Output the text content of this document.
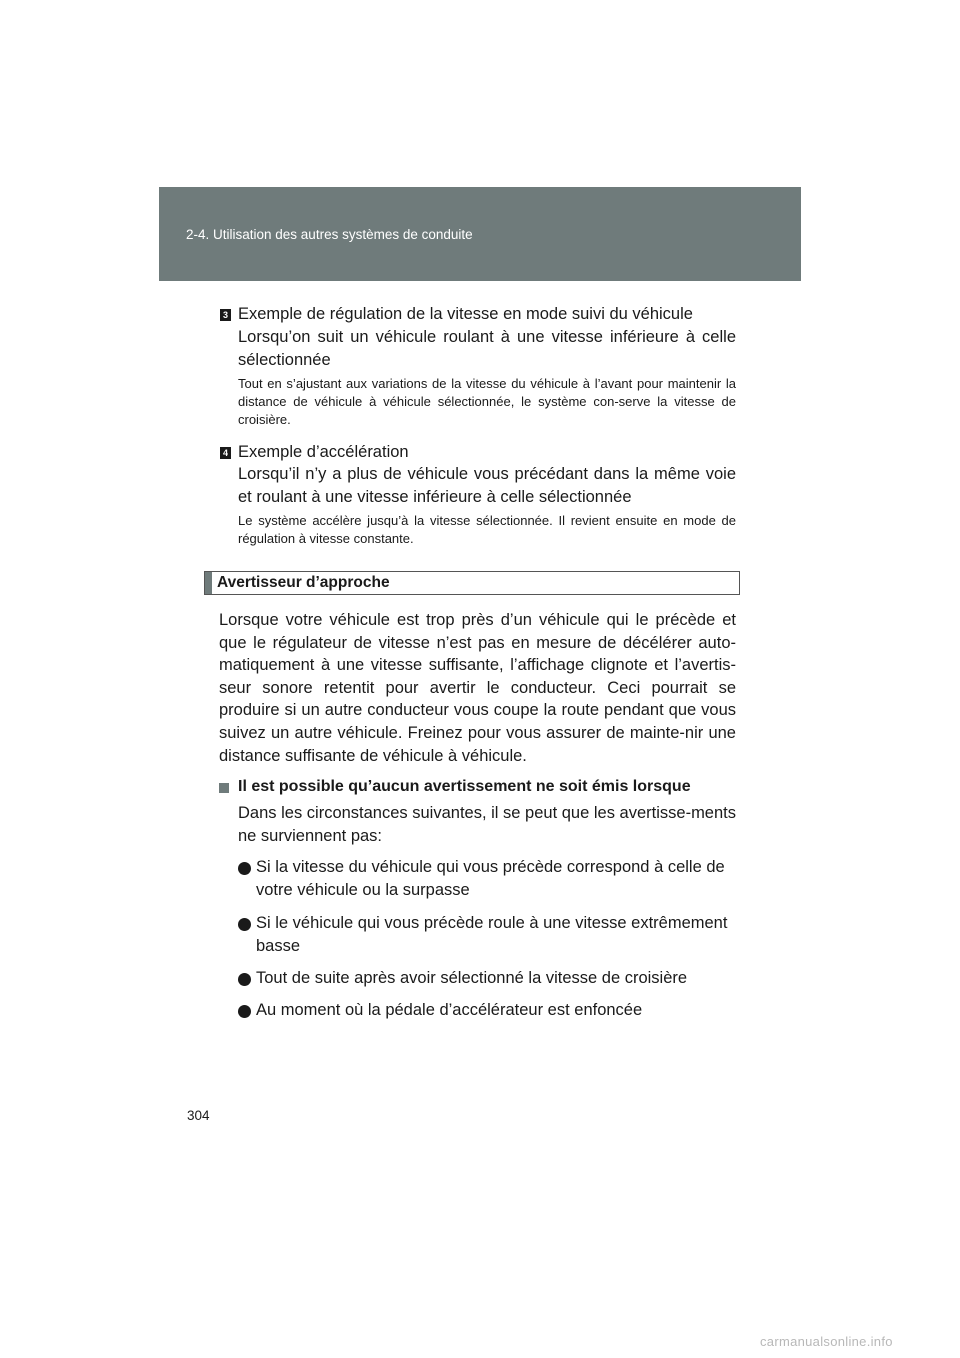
2-4. Utilisation des autres systèmes de conduite
3 Exemple de régulation de la vitesse en mode suivi du véhicule
Lorsqu’on suit un véhicule roulant à une vitesse inférieure à celle sélectionnée
Tout en s’ajustant aux variations de la vitesse du véhicule à l’avant pour maintenir la distance de véhicule à véhicule sélectionnée, le système con-serve la vitesse de croisière.
4 Exemple d’accélération
Lorsqu’il n’y a plus de véhicule vous précédant dans la même voie et roulant à une vitesse inférieure à celle sélectionnée
Le système accélère jusqu’à la vitesse sélectionnée. Il revient ensuite en mode de régulation à vitesse constante.
Avertisseur d’approche
Lorsque votre véhicule est trop près d’un véhicule qui le précède et que le régulateur de vitesse n’est pas en mesure de décélérer auto-matiquement à une vitesse suffisante, l’affichage clignote et l’avertis-seur sonore retentit pour avertir le conducteur. Ceci pourrait se produire si un autre conducteur vous coupe la route pendant que vous suivez un autre véhicule. Freinez pour vous assurer de mainte-nir une distance suffisante de véhicule à véhicule.
Il est possible qu’aucun avertissement ne soit émis lorsque
Dans les circonstances suivantes, il se peut que les avertisse-ments ne surviennent pas:
Si la vitesse du véhicule qui vous précède correspond à celle de votre véhicule ou la surpasse
Si le véhicule qui vous précède roule à une vitesse extrêmement basse
Tout de suite après avoir sélectionné la vitesse de croisière
Au moment où la pédale d’accélérateur est enfoncée
304
carmanualsonline.info
